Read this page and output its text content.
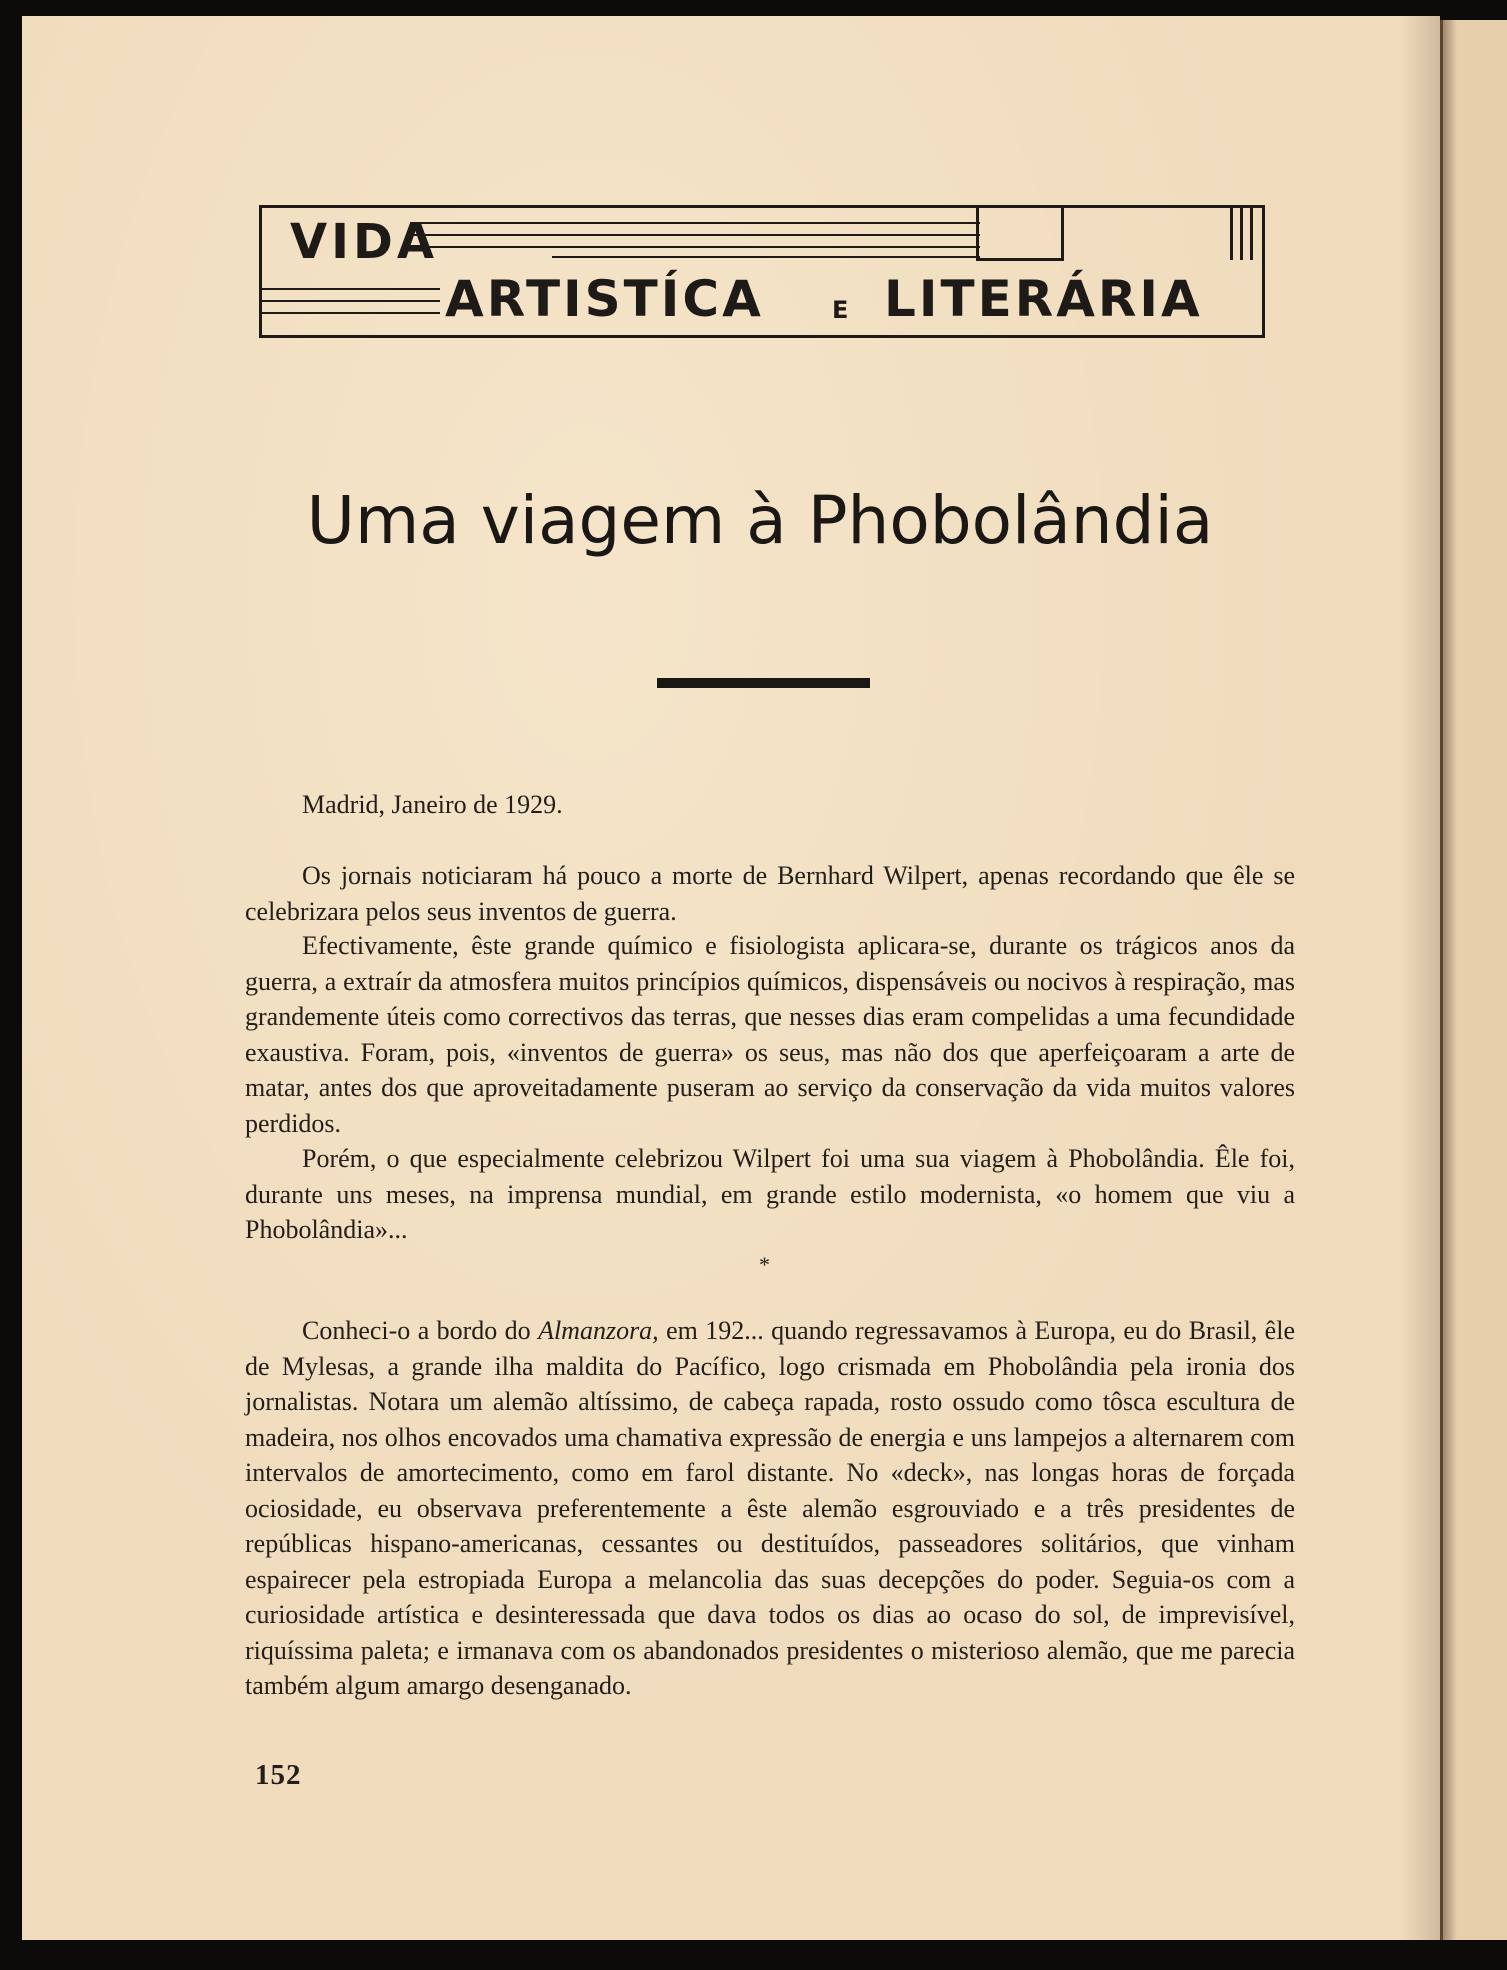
VIDA
ARTISTÍCA	E LITERÁRIA
Uma viagem à Phobolândia
Madrid, Janeiro de 1929.

Os jornais noticiaram há pouco a morte de Bernhard Wilpert, apenas recordando que êle se celebrizara pelos seus inventos de guerra.

Efectivamente, êste grande químico e fisiologista aplicara-se, durante os trágicos anos da guerra, a extraír da atmosfera muitos princípios químicos, dispensáveis ou nocivos à respiração, mas grandemente úteis como correctivos das terras, que nesses dias eram compelidas a uma fecundidade exaustiva. Foram, pois, «inventos de guerra» os seus, mas não dos que aperfeiçoaram a arte de matar, antes dos que aproveitadamente puseram ao serviço da conservação da vida muitos valores perdidos.

Porém, o que especialmente celebrizou Wilpert foi uma sua viagem à Phobolândia. Êle foi, durante uns meses, na imprensa mundial, em grande estilo modernista, «o homem que viu a Phobolândia»...

*

Conheci-o a bordo do Almanzora, em 192... quando regressavamos à Europa, eu do Brasil, êle de Mylesas, a grande ilha maldita do Pacífico, logo crismada em Phobolândia pela ironia dos jornalistas. Notara um alemão altíssimo, de cabeça rapada, rosto ossudo como tôsca escultura de madeira, nos olhos encovados uma chamativa expressão de energia e uns lampejos a alternarem com intervalos de amortecimento, como em farol distante. No «deck», nas longas horas de forçada ociosidade, eu observava preferentemente a êste alemão esgrouviado e a três presidentes de repúblicas hispano-americanas, cessantes ou destituídos, passeadores solitários, que vinham espairecer pela estropiada Europa a melancolia das suas decepções do poder. Seguia-os com a curiosidade artística e desinteressada que dava todos os dias ao ocaso do sol, de imprevisível, riquíssima paleta; e irmanava com os abandonados presidentes o misterioso alemão, que me parecia também algum amargo desenganado.

152
